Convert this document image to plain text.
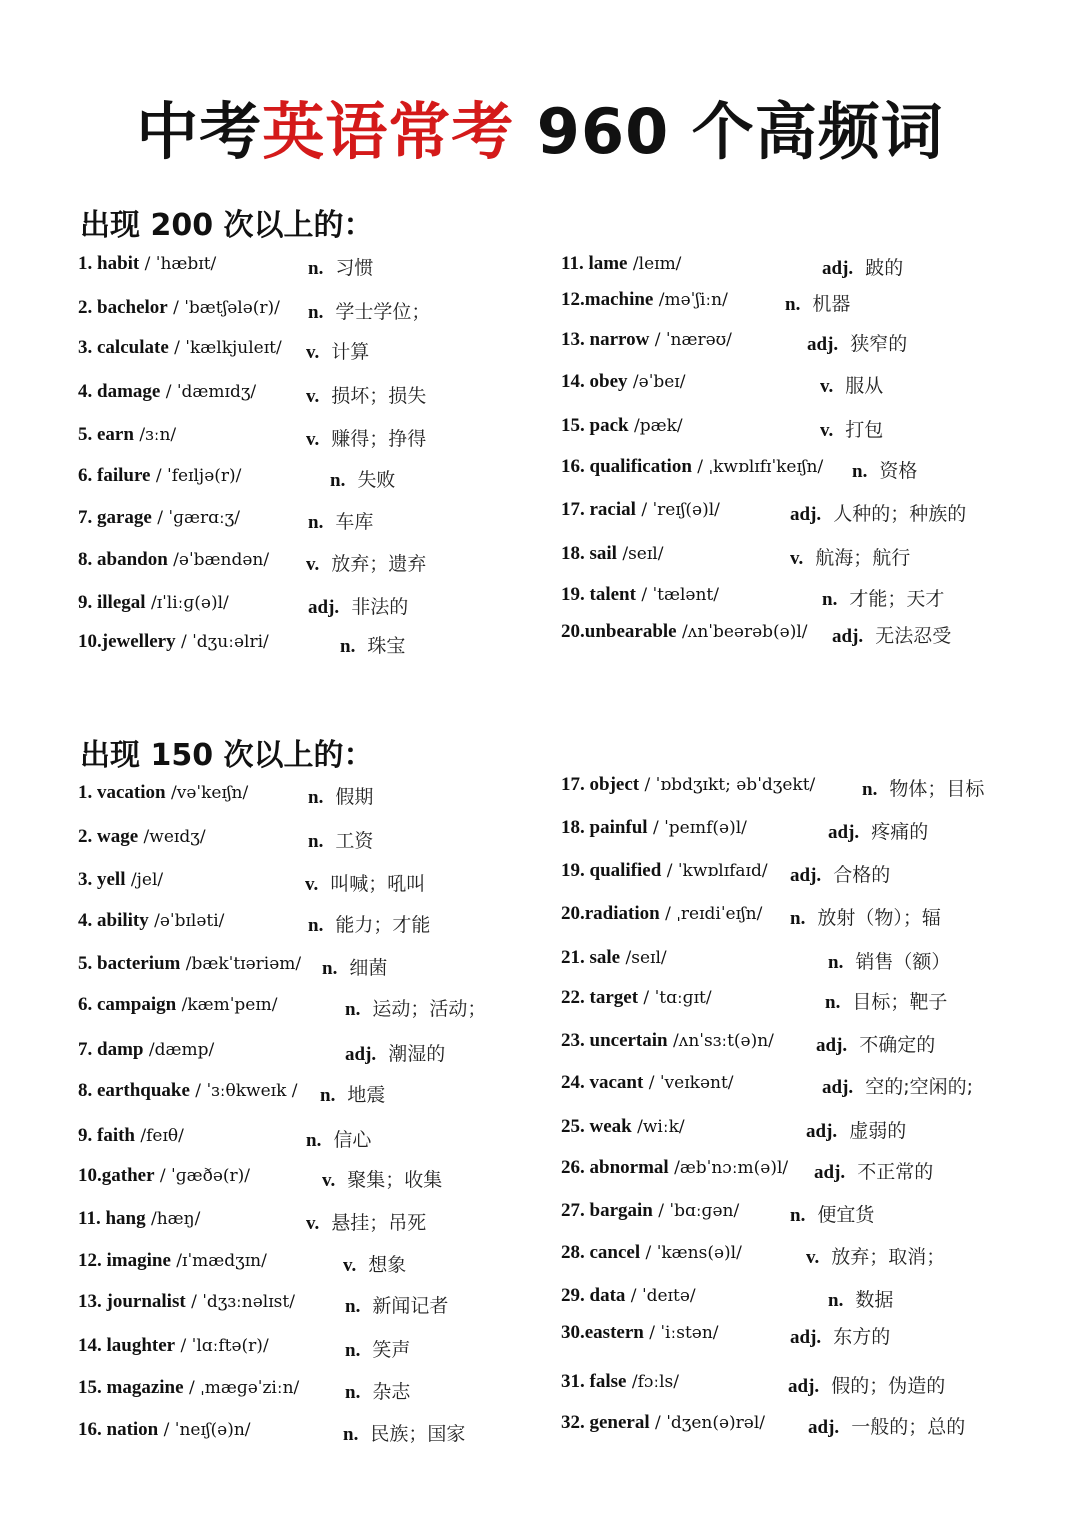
中考英语常考 960 个高频词
出现 200 次以上的：
出现 150 次以上的：
1. habit / ˈhæbɪt/	n. 习惯
2. bachelor / ˈbætʃələ(r)/ n. 学士学位；
3. calculate / ˈkælkjuleɪt/ v. 计算
4. damage / ˈdæmɪdʒ/	v. 损坏；损失
5. earn /ɜːn/	v. 赚得；挣得
6. failure / ˈfeɪljə(r)/	n. 失败
7. garage / ˈɡærɑːʒ/	n. 车库
8. abandon /əˈbændən/ v. 放弃；遗弃
9. illegal /ɪˈliːɡ(ə)l/	adj. 非法的
10.jewellery / ˈdʒuːəlri/	n. 珠宝
11. lame /leɪm/	adj. 跛的
12.machine /məˈʃiːn/	n. 机器
13. narrow / ˈnærəʊ/	adj. 狭窄的
14. obey /əˈbeɪ/	v. 服从
15. pack /pæk/	v. 打包
16. qualification / ˌkwɒlɪfɪˈkeɪʃn/ n. 资格
17. racial / ˈreɪʃ(ə)l/	adj. 人种的；种族的
18. sail /seɪl/	v. 航海；航行
19. talent / ˈtælənt/	n. 才能；天才
20.unbearable /ʌnˈbeərəb(ə)l/ adj. 无法忍受
1. vacation /vəˈkeɪʃn/	n. 假期
2. wage /weɪdʒ/	n. 工资
3. yell /jel/	v. 叫喊；吼叫
4. ability /əˈbɪləti/	n. 能力；才能
5. bacterium /bækˈtɪəriəm/ n. 细菌
6. campaign /kæmˈpeɪn/	n. 运动；活动；
7. damp /dæmp/	adj. 潮湿的
8. earthquake / ˈɜːθkweɪk / n. 地震
9. faith /feɪθ/	n. 信心
10.gather / ˈɡæðə(r)/	v. 聚集；收集
11. hang /hæŋ/	v. 悬挂；吊死
12. imagine /ɪˈmædʒɪn/	v. 想象
13. journalist / ˈdʒɜːnəlɪst/	n. 新闻记者
14. laughter / ˈlɑːftə(r)/	n. 笑声
15. magazine / ˌmæɡəˈziːn/ n. 杂志
16. nation / ˈneɪʃ(ə)n/	n. 民族；国家
17. object / ˈɒbdʒɪkt; əbˈdʒekt/ n. 物体；目标
18. painful / ˈpeɪnf(ə)l/	adj. 疼痛的
19. qualified / ˈkwɒlɪfaɪd/ adj. 合格的
20.radiation / ˌreɪdiˈeɪʃn/ n. 放射（物）；辐
21. sale /seɪl/	n. 销售（额）
22. target / ˈtɑːɡɪt/	n. 目标；靶子
23. uncertain /ʌnˈsɜːt(ə)n/ adj. 不确定的
24. vacant / ˈveɪkənt/	adj. 空的;空闲的;
25. weak /wiːk/	adj. 虚弱的
26. abnormal /æbˈnɔːm(ə)l/ adj. 不正常的
27. bargain / ˈbɑːɡən/	n. 便宜货
28. cancel / ˈkæns(ə)l/	v. 放弃；取消；
29. data / ˈdeɪtə/	n. 数据
30.eastern / ˈiːstən/	adj. 东方的
31. false /fɔːls/	adj. 假的；伪造的
32. general / ˈdʒen(ə)rəl/ adj. 一般的；总的
